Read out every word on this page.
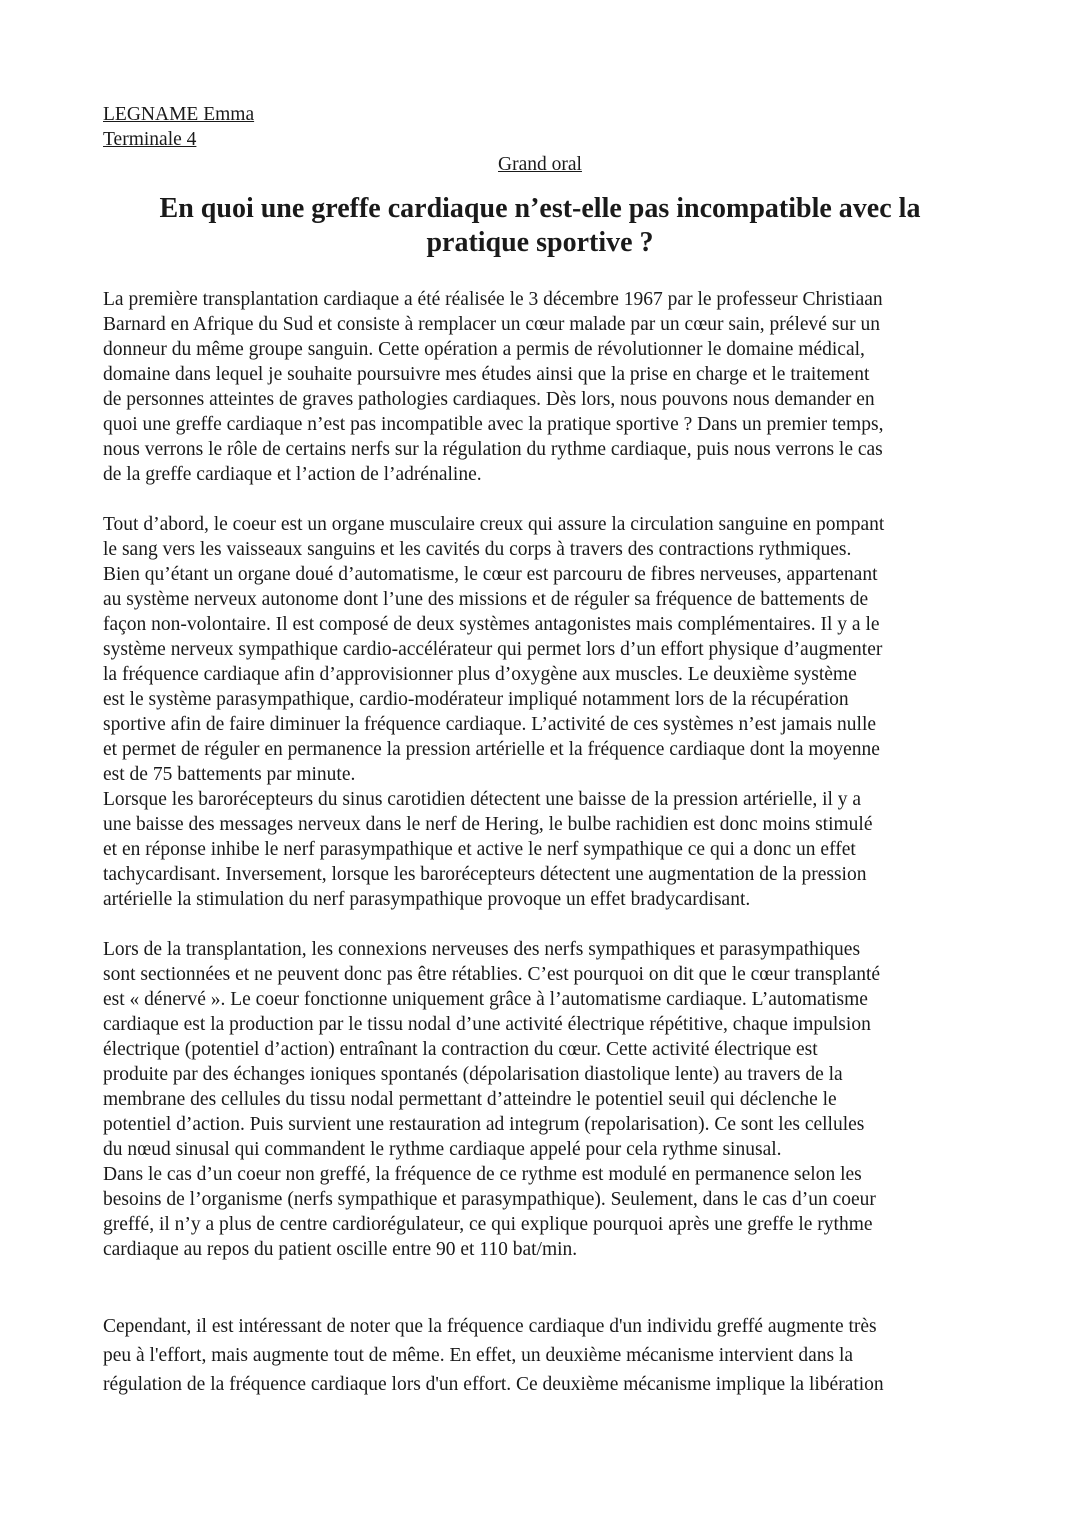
LEGNAME Emma
Terminale 4
Grand oral
En quoi une greffe cardiaque n’est-elle pas incompatible avec la
pratique sportive ?
La première transplantation cardiaque a été réalisée le 3 décembre 1967 par le professeur Christiaan
Barnard en Afrique du Sud et consiste à remplacer un cœur malade par un cœur sain, prélevé sur un
donneur du même groupe sanguin. Cette opération a permis de révolutionner le domaine médical,
domaine dans lequel je souhaite poursuivre mes études ainsi que la prise en charge et le traitement
de personnes atteintes de graves pathologies cardiaques. Dès lors, nous pouvons nous demander en
quoi une greffe cardiaque n’est pas incompatible avec la pratique sportive ? Dans un premier temps,
nous verrons le rôle de certains nerfs sur la régulation du rythme cardiaque, puis nous verrons le cas
de la greffe cardiaque et l’action de l’adrénaline.
Tout d’abord, le coeur est un organe musculaire creux qui assure la circulation sanguine en pompant
le sang vers les vaisseaux sanguins et les cavités du corps à travers des contractions rythmiques.
Bien qu’étant un organe doué d’automatisme, le cœur est parcouru de fibres nerveuses, appartenant
au système nerveux autonome dont l’une des missions et de réguler sa fréquence de battements de
façon non-volontaire. Il est composé de deux systèmes antagonistes mais complémentaires. Il y a le
système nerveux sympathique cardio-accélérateur qui permet lors d’un effort physique d’augmenter
la fréquence cardiaque afin d’approvisionner plus d’oxygène aux muscles. Le deuxième système
est le système parasympathique, cardio-modérateur impliqué notamment lors de la récupération
sportive afin de faire diminuer la fréquence cardiaque. L’activité de ces systèmes n’est jamais nulle
et permet de réguler en permanence la pression artérielle et la fréquence cardiaque dont la moyenne
est de 75 battements par minute.
Lorsque les barorécepteurs du sinus carotidien détectent une baisse de la pression artérielle, il y a
une baisse des messages nerveux dans le nerf de Hering, le bulbe rachidien est donc moins stimulé
et en réponse inhibe le nerf parasympathique et active le nerf sympathique ce qui a donc un effet
tachycardisant. Inversement, lorsque les barorécepteurs détectent une augmentation de la pression
artérielle la stimulation du nerf parasympathique provoque un effet bradycardisant.
Lors de la transplantation, les connexions nerveuses des nerfs sympathiques et parasympathiques
sont sectionnées et ne peuvent donc pas être rétablies. C’est pourquoi on dit que le cœur transplanté
est « dénervé ». Le coeur fonctionne uniquement grâce à l’automatisme cardiaque. L’automatisme
cardiaque est la production par le tissu nodal d’une activité électrique répétitive, chaque impulsion
électrique (potentiel d’action) entraînant la contraction du cœur. Cette activité électrique est
produite par des échanges ioniques spontanés (dépolarisation diastolique lente) au travers de la
membrane des cellules du tissu nodal permettant d’atteindre le potentiel seuil qui déclenche le
potentiel d’action. Puis survient une restauration ad integrum (repolarisation). Ce sont les cellules
du nœud sinusal qui commandent le rythme cardiaque appelé pour cela rythme sinusal.
Dans le cas d’un coeur non greffé, la fréquence de ce rythme est modulé en permanence selon les
besoins de l’organisme (nerfs sympathique et parasympathique). Seulement, dans le cas d’un coeur
greffé, il n’y a plus de centre cardiorégulateur, ce qui explique pourquoi après une greffe le rythme
cardiaque au repos du patient oscille entre 90 et 110 bat/min.
Cependant, il est intéressant de noter que la fréquence cardiaque d'un individu greffé augmente très
peu à l'effort, mais augmente tout de même. En effet, un deuxième mécanisme intervient dans la
régulation de la fréquence cardiaque lors d'un effort. Ce deuxième mécanisme implique la libération
